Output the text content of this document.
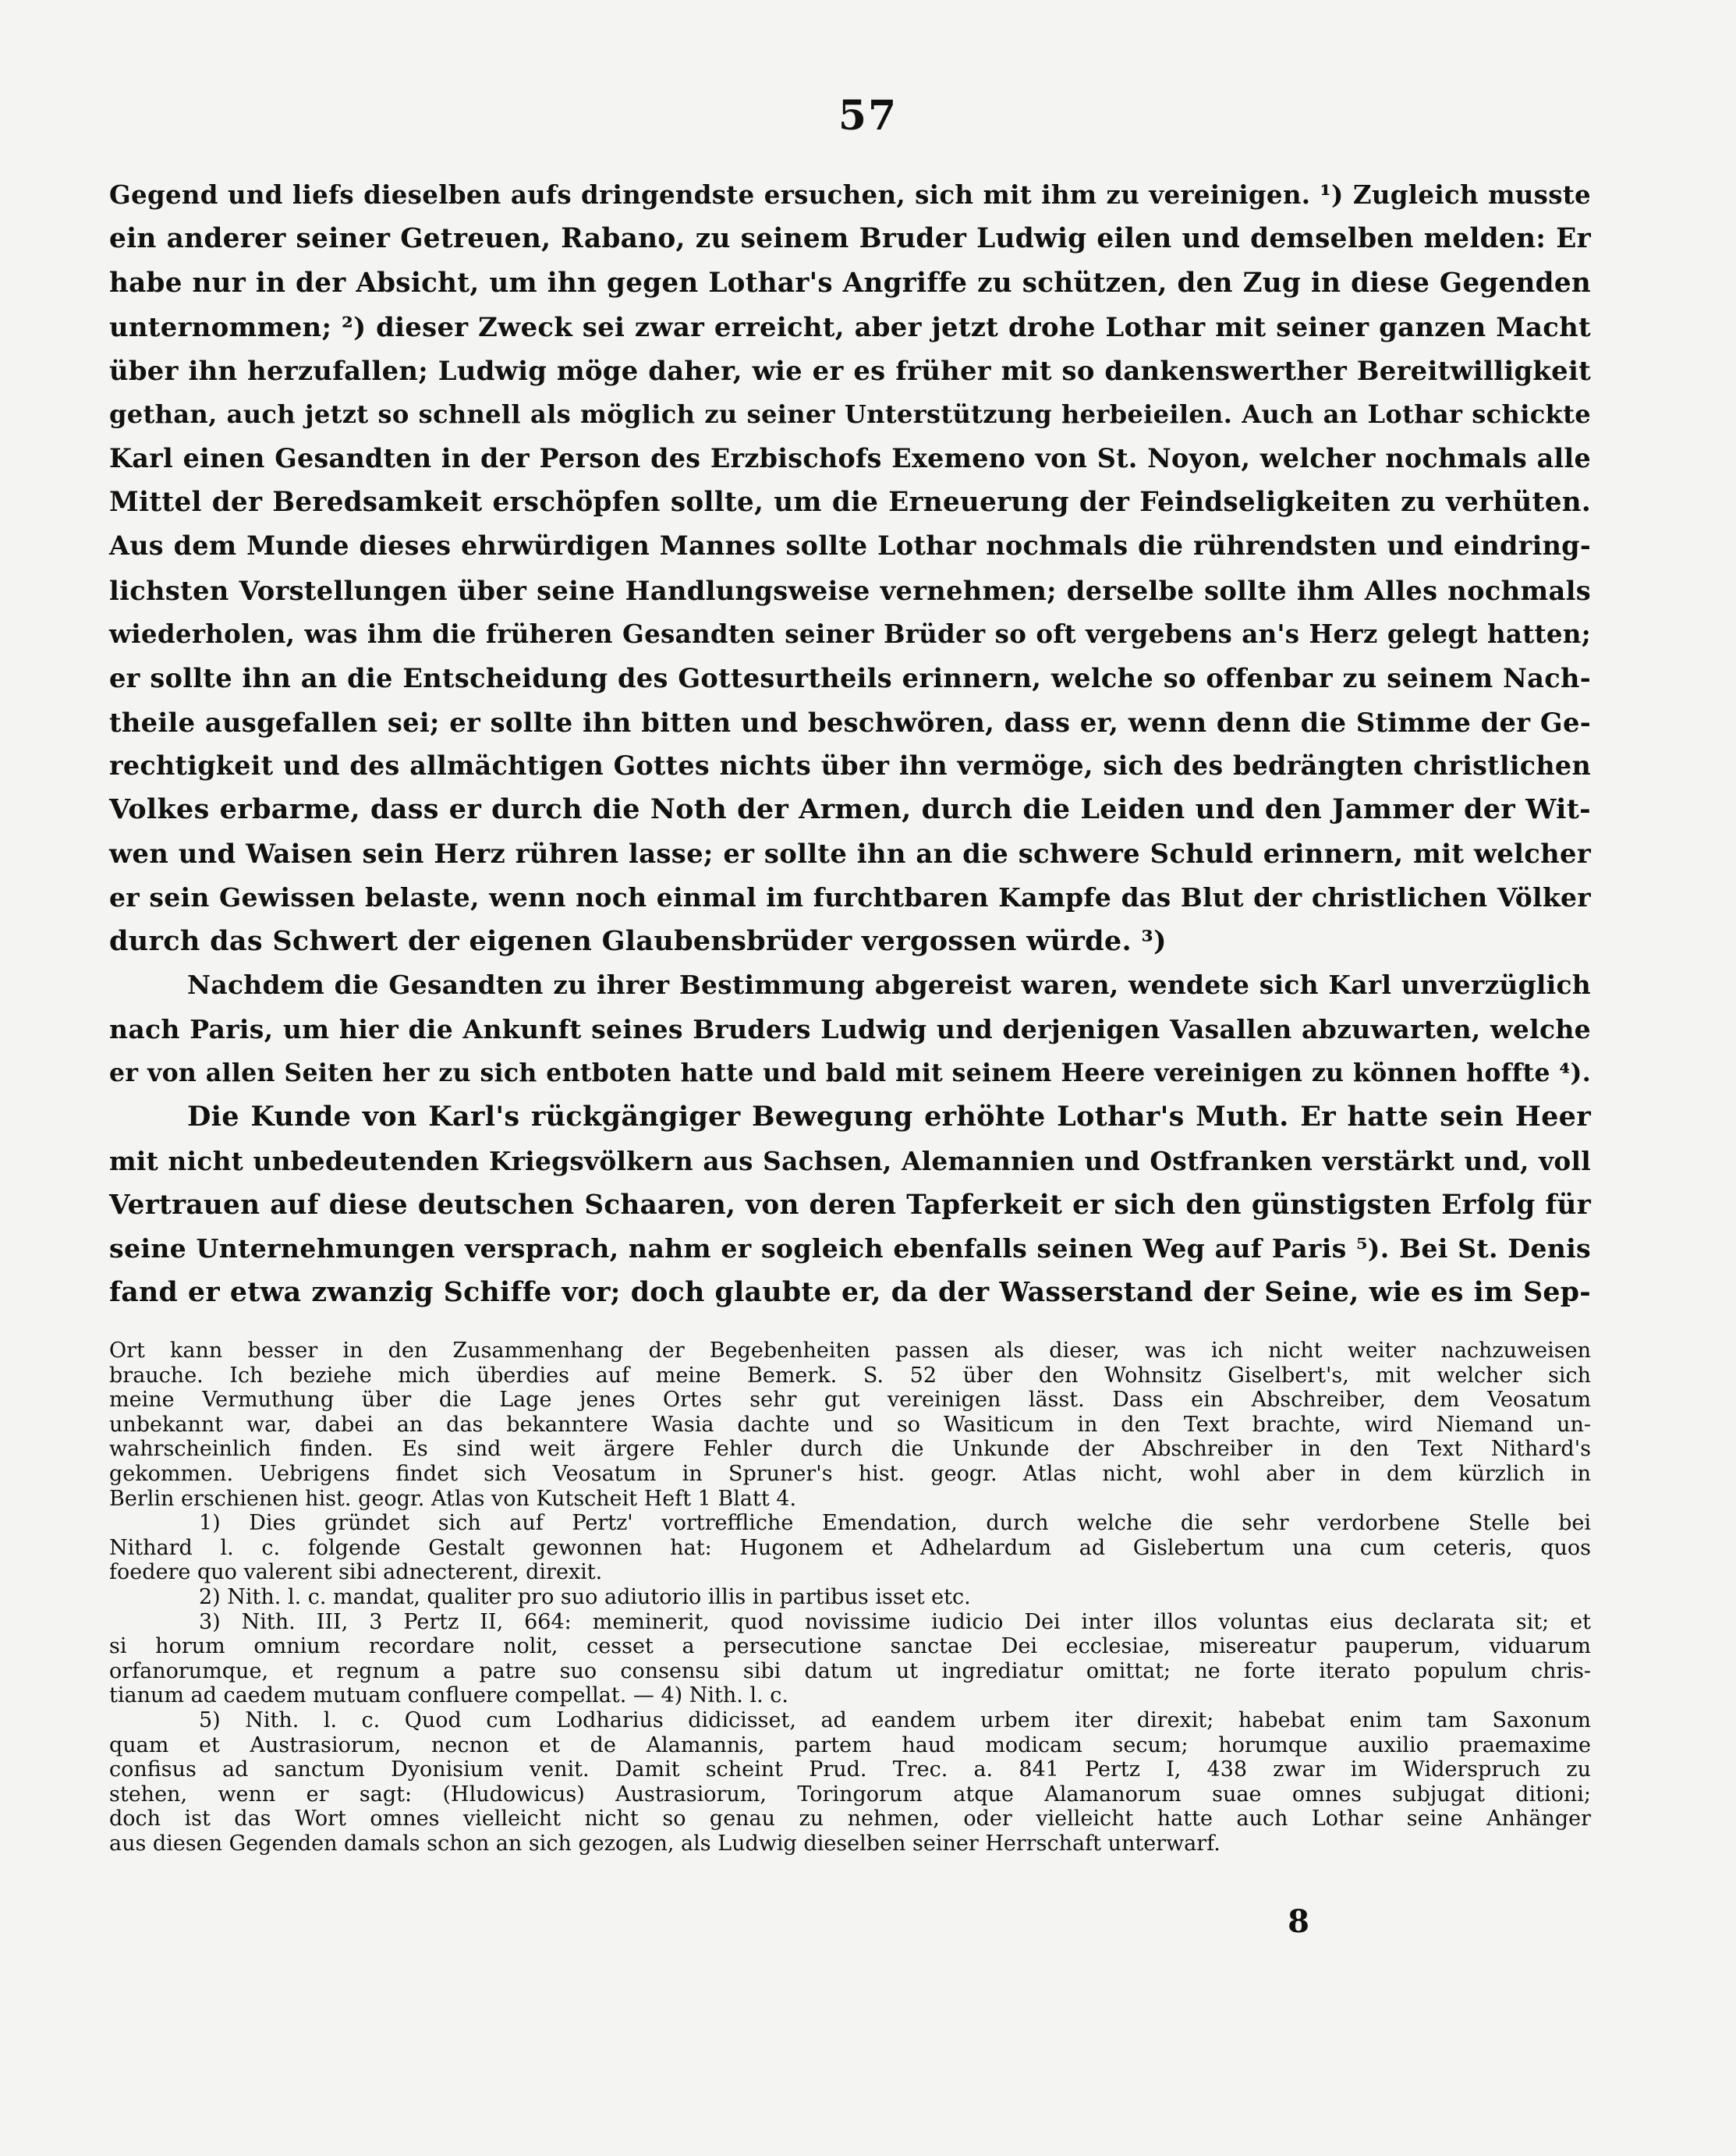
57
Gegend und liefs dieselben aufs dringendste ersuchen, sich mit ihm zu vereinigen. ¹) Zugleich musste
ein anderer seiner Getreuen, Rabano, zu seinem Bruder Ludwig eilen und demselben melden: Er
habe nur in der Absicht, um ihn gegen Lothar's Angriffe zu schützen, den Zug in diese Gegenden
unternommen; ²) dieser Zweck sei zwar erreicht, aber jetzt drohe Lothar mit seiner ganzen Macht
über ihn herzufallen; Ludwig möge daher, wie er es früher mit so dankenswerther Bereitwilligkeit
gethan, auch jetzt so schnell als möglich zu seiner Unterstützung herbeieilen. Auch an Lothar schickte
Karl einen Gesandten in der Person des Erzbischofs Exemeno von St. Noyon, welcher nochmals alle
Mittel der Beredsamkeit erschöpfen sollte, um die Erneuerung der Feindseligkeiten zu verhüten.
Aus dem Munde dieses ehrwürdigen Mannes sollte Lothar nochmals die rührendsten und eindring-
lichsten Vorstellungen über seine Handlungsweise vernehmen; derselbe sollte ihm Alles nochmals
wiederholen, was ihm die früheren Gesandten seiner Brüder so oft vergebens an's Herz gelegt hatten;
er sollte ihn an die Entscheidung des Gottesurtheils erinnern, welche so offenbar zu seinem Nach-
theile ausgefallen sei; er sollte ihn bitten und beschwören, dass er, wenn denn die Stimme der Ge-
rechtigkeit und des allmächtigen Gottes nichts über ihn vermöge, sich des bedrängten christlichen
Volkes erbarme, dass er durch die Noth der Armen, durch die Leiden und den Jammer der Wit-
wen und Waisen sein Herz rühren lasse; er sollte ihn an die schwere Schuld erinnern, mit welcher
er sein Gewissen belaste, wenn noch einmal im furchtbaren Kampfe das Blut der christlichen Völker
durch das Schwert der eigenen Glaubensbrüder vergossen würde. ³)
Nachdem die Gesandten zu ihrer Bestimmung abgereist waren, wendete sich Karl unverzüglich
nach Paris, um hier die Ankunft seines Bruders Ludwig und derjenigen Vasallen abzuwarten, welche
er von allen Seiten her zu sich entboten hatte und bald mit seinem Heere vereinigen zu können hoffte ⁴).
Die Kunde von Karl's rückgängiger Bewegung erhöhte Lothar's Muth. Er hatte sein Heer
mit nicht unbedeutenden Kriegsvölkern aus Sachsen, Alemannien und Ostfranken verstärkt und, voll
Vertrauen auf diese deutschen Schaaren, von deren Tapferkeit er sich den günstigsten Erfolg für
seine Unternehmungen versprach, nahm er sogleich ebenfalls seinen Weg auf Paris ⁵). Bei St. Denis
fand er etwa zwanzig Schiffe vor; doch glaubte er, da der Wasserstand der Seine, wie es im Sep-
Ort kann besser in den Zusammenhang der Begebenheiten passen als dieser, was ich nicht weiter nachzuweisen
brauche. Ich beziehe mich überdies auf meine Bemerk. S. 52 über den Wohnsitz Giselbert's, mit welcher sich
meine Vermuthung über die Lage jenes Ortes sehr gut vereinigen lässt. Dass ein Abschreiber, dem Veosatum
unbekannt war, dabei an das bekanntere Wasia dachte und so Wasiticum in den Text brachte, wird Niemand un-
wahrscheinlich finden. Es sind weit ärgere Fehler durch die Unkunde der Abschreiber in den Text Nithard's
gekommen. Uebrigens findet sich Veosatum in Spruner's hist. geogr. Atlas nicht, wohl aber in dem kürzlich in
Berlin erschienen hist. geogr. Atlas von Kutscheit Heft 1 Blatt 4.
1) Dies gründet sich auf Pertz' vortreffliche Emendation, durch welche die sehr verdorbene Stelle bei
Nithard l. c. folgende Gestalt gewonnen hat: Hugonem et Adhelardum ad Gislebertum una cum ceteris, quos
foedere quo valerent sibi adnecterent, direxit.
2) Nith. l. c. mandat, qualiter pro suo adiutorio illis in partibus isset etc.
3) Nith. III, 3 Pertz II, 664: meminerit, quod novissime iudicio Dei inter illos voluntas eius declarata sit; et
si horum omnium recordare nolit, cesset a persecutione sanctae Dei ecclesiae, misereatur pauperum, viduarum
orfanorumque, et regnum a patre suo consensu sibi datum ut ingrediatur omittat; ne forte iterato populum chris-
tianum ad caedem mutuam confluere compellat. — 4) Nith. l. c.
5) Nith. l. c. Quod cum Lodharius didicisset, ad eandem urbem iter direxit; habebat enim tam Saxonum
quam et Austrasiorum, necnon et de Alamannis, partem haud modicam secum; horumque auxilio praemaxime
confisus ad sanctum Dyonisium venit. Damit scheint Prud. Trec. a. 841 Pertz I, 438 zwar im Widerspruch zu
stehen, wenn er sagt: (Hludowicus) Austrasiorum, Toringorum atque Alamanorum suae omnes subjugat ditioni;
doch ist das Wort omnes vielleicht nicht so genau zu nehmen, oder vielleicht hatte auch Lothar seine Anhänger
aus diesen Gegenden damals schon an sich gezogen, als Ludwig dieselben seiner Herrschaft unterwarf.
8
